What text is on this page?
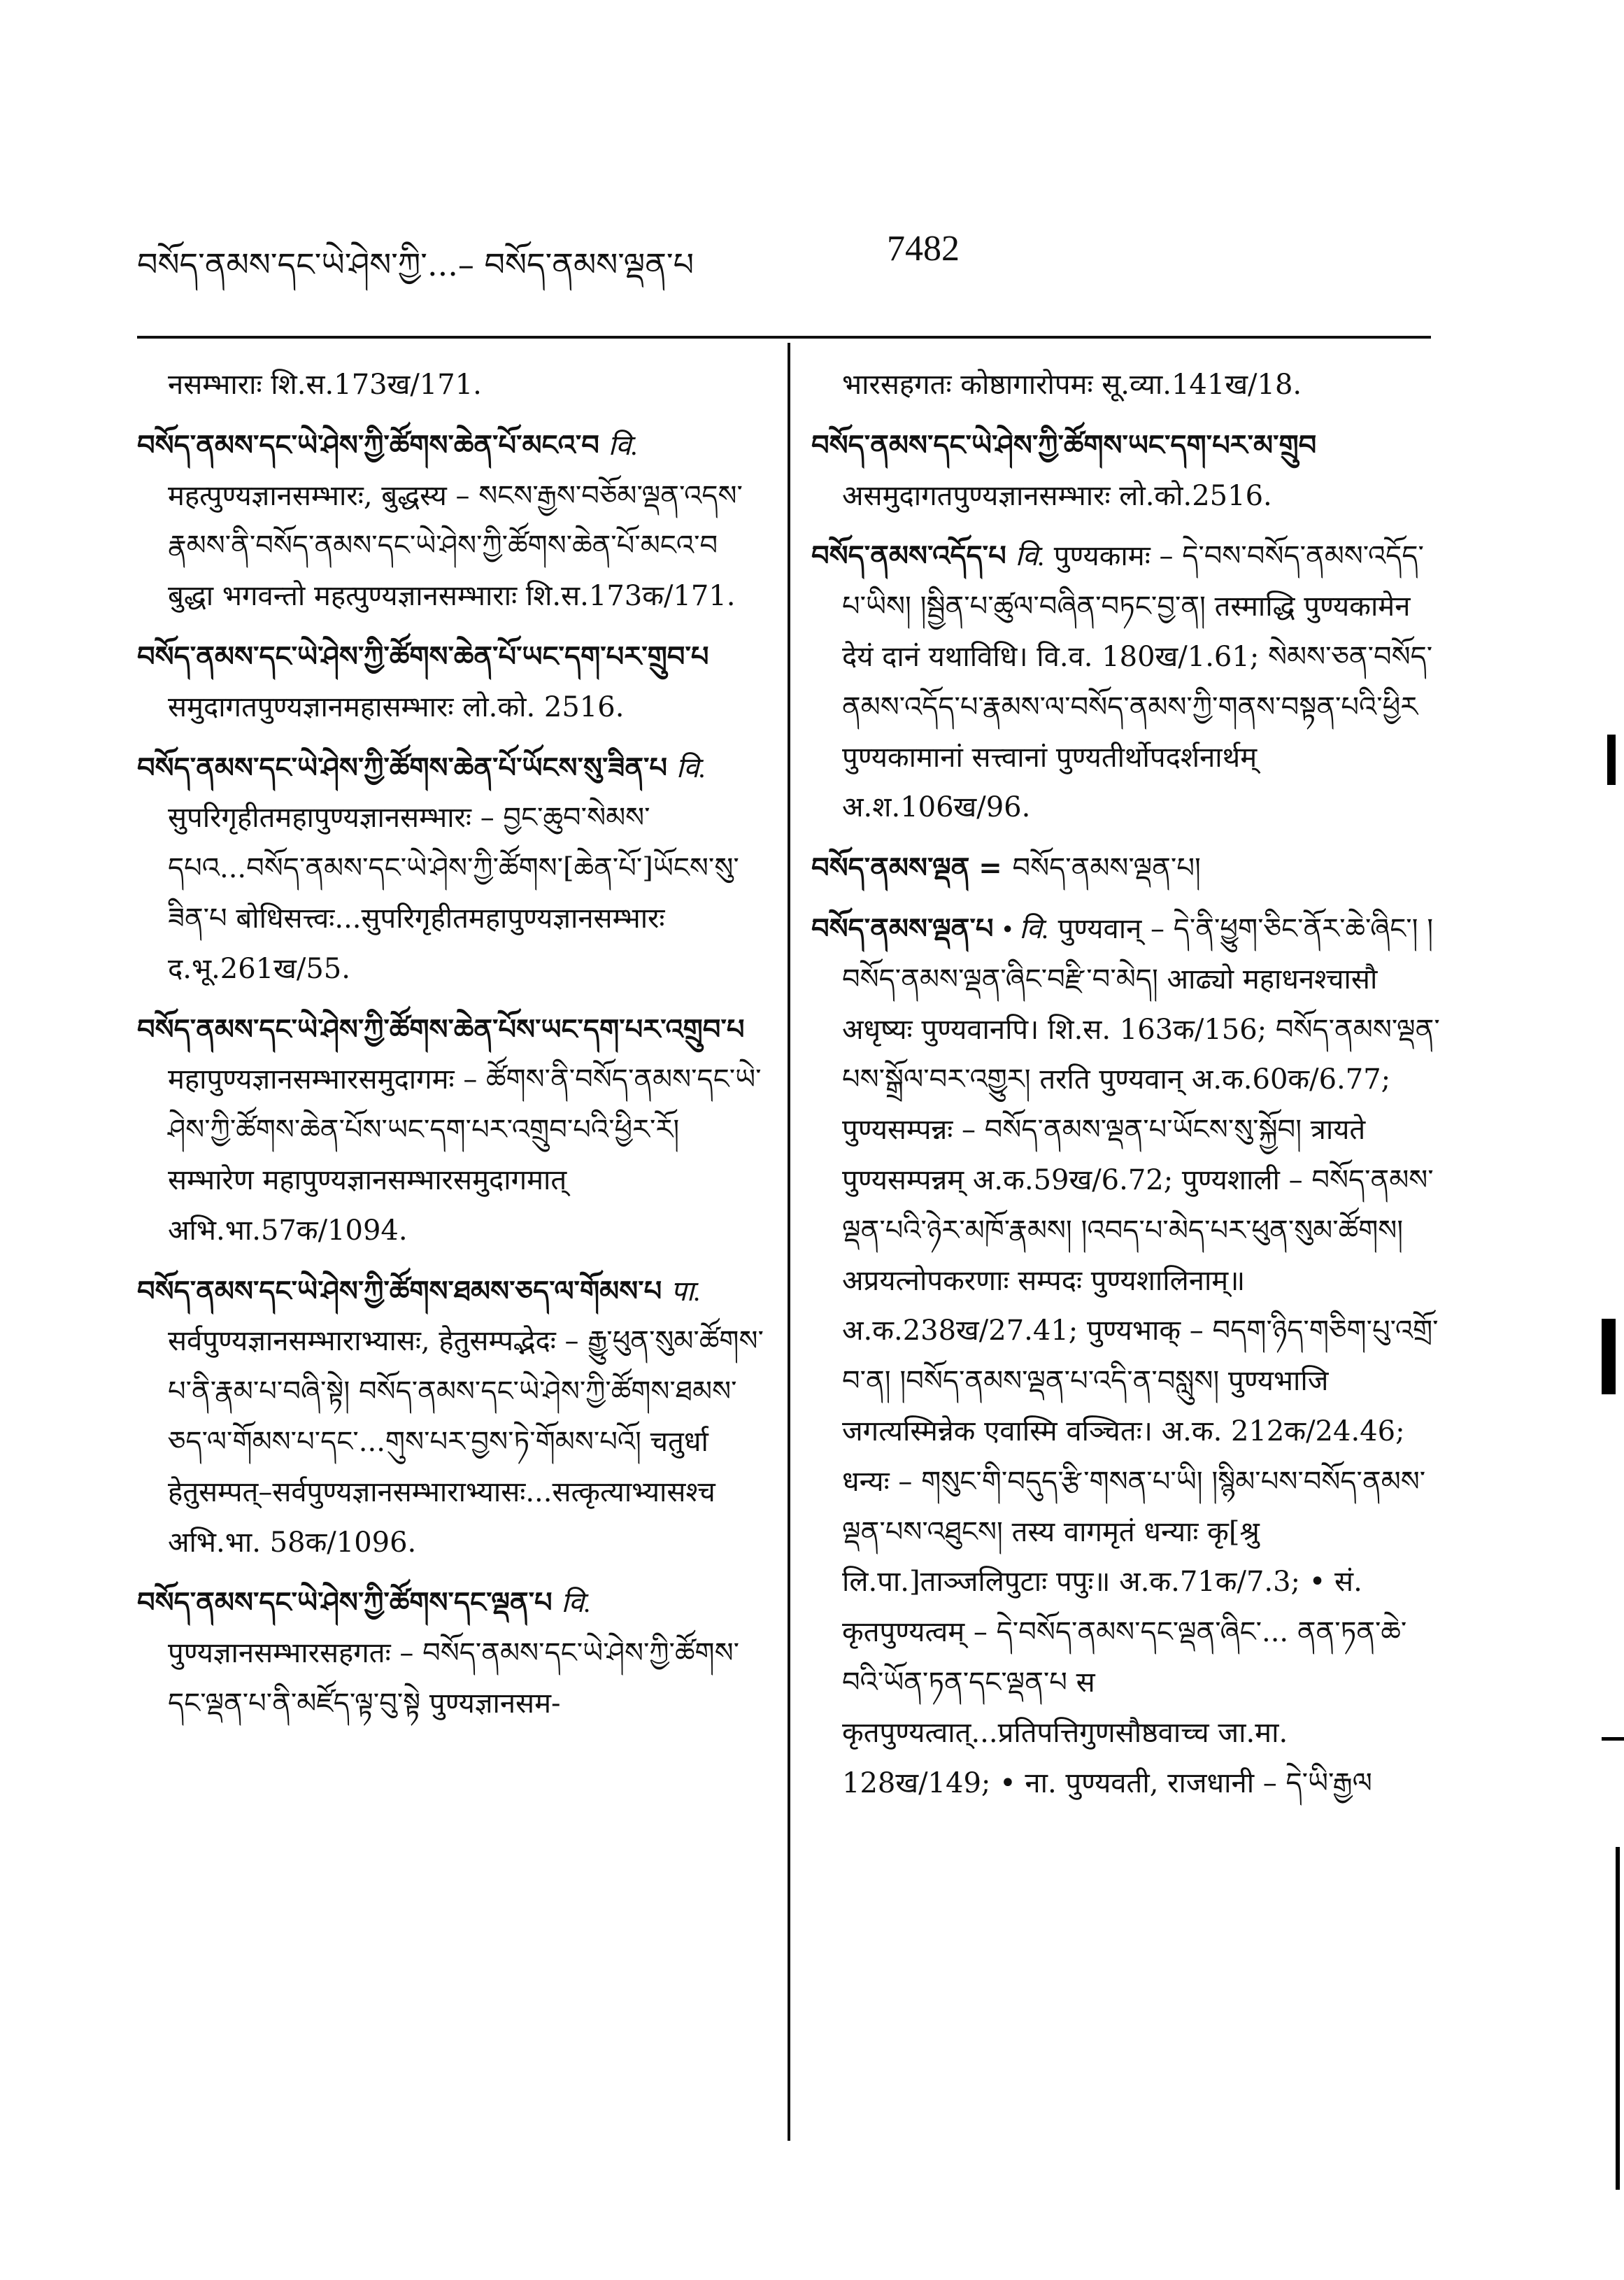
བསོད་ནམས་དང་ཡེ་ཤེས་ཀྱི་...– བསོད་ནམས་ལྡན་པ	7482
नसम्भाराः शि.स.173ख/171.
བསོད་ནམས་དང་ཡེ་ཤེས་ཀྱི་ཚོགས་ཆེན་པོ་མངའ་བ वि. महत्पुण्यज्ञानसम्भारः, बुद्धस्य – སངས་རྒྱས་བཅོམ་ལྡན་འདས་རྣམས་ནི་བསོད་ནམས་དང་ཡེ་ཤེས་ཀྱི་ཚོགས་ཆེན་པོ་མངའ་བ बुद्धा भगवन्तो महत्पुण्यज्ञानसम्भाराः शि.स.173क/171.
བསོད་ནམས་དང་ཡེ་ཤེས་ཀྱི་ཚོགས་ཆེན་པོ་ཡང་དག་པར་གྲུབ་པ समुदागतपुण्यज्ञानमहासम्भारः लो.को. 2516.
བསོད་ནམས་དང་ཡེ་ཤེས་ཀྱི་ཚོགས་ཆེན་པོ་ཡོངས་སུ་ཟིན་པ वि. सुपरिगृहीतमहापुण्यज्ञानसम्भारः – བྱང་ཆུབ་སེམས་དཔའ...བསོད་ནམས་དང་ཡེ་ཤེས་ཀྱི་ཚོགས་[ཆེན་པོ་]ཡོངས་སུ་ཟིན་པ बोधिसत्त्वः...सुपरिगृहीतमहापुण्यज्ञानसम्भारः द.भू.261ख/55.
བསོད་ནམས་དང་ཡེ་ཤེས་ཀྱི་ཚོགས་ཆེན་པོས་ཡང་དག་པར་འགྲུབ་པ महापुण्यज्ञानसम्भारसमुदागमः – ཚོགས་ནི་བསོད་ནམས་དང་ཡེ་ཤེས་ཀྱི་ཚོགས་ཆེན་པོས་ཡང་དག་པར་འགྲུབ་པའི་ཕྱིར་རོ། सम्भारेण महापुण्यज्ञानसम्भारसमुदागमात् अभि.भा.57क/1094.
བསོད་ནམས་དང་ཡེ་ཤེས་ཀྱི་ཚོགས་ཐམས་ཅད་ལ་གོམས་པ पा. सर्वपुण्यज्ञानसम्भाराभ्यासः, हेतुसम्पद्भेदः – རྒྱུ་ཕུན་སུམ་ཚོགས་པ་ནི་རྣམ་པ་བཞི་སྟེ། བསོད་ནམས་དང་ཡེ་ཤེས་ཀྱི་ཚོགས་ཐམས་ཅད་ལ་གོམས་པ་དང་...གུས་པར་བྱས་ཏེ་གོམས་པའོ། चतुर्धा हेतुसम्पत्–सर्वपुण्यज्ञानसम्भाराभ्यासः...सत्कृत्याभ्यासश्च अभि.भा. 58क/1096.
བསོད་ནམས་དང་ཡེ་ཤེས་ཀྱི་ཚོགས་དང་ལྡན་པ वि. पुण्यज्ञानसम्भारसहगतः – བསོད་ནམས་དང་ཡེ་ཤེས་ཀྱི་ཚོགས་དང་ལྡན་པ་ནི་མཛོད་ལྟ་བུ་སྟེ पुण्यज्ञानसम-
भारसहगतः कोष्ठागारोपमः सू.व्या.141ख/18.
བསོད་ནམས་དང་ཡེ་ཤེས་ཀྱི་ཚོགས་ཡང་དག་པར་མ་གྲུབ असमुदागतपुण्यज्ञानसम्भारः लो.को.2516.
བསོད་ནམས་འདོད་པ वि. पुण्यकामः – དེ་བས་བསོད་ནམས་འདོད་པ་ཡིས། །སྦྱིན་པ་ཚུལ་བཞིན་བཏང་བྱ་ན། तस्माद्धि पुण्यकामेन देयं दानं यथाविधि। वि.व. 180ख/1.61; སེམས་ཅན་བསོད་ནམས་འདོད་པ་རྣམས་ལ་བསོད་ནམས་ཀྱི་གནས་བསྟན་པའི་ཕྱིར पुण्यकामानां सत्त्वानां पुण्यतीर्थोपदर्शनार्थम् अ.श.106ख/96.
བསོད་ནམས་ལྡན = བསོད་ནམས་ལྡན་པ།
བསོད་ནམས་ལྡན་པ • वि. पुण्यवान् – དེ་ནི་ཕྱུག་ཅིང་ནོར་ཆེ་ཞིང་། །བསོད་ནམས་ལྡན་ཞིང་བརྫི་བ་མེད། आढ्यो महाधनश्चासौ अधृष्यः पुण्यवानपि। शि.स. 163क/156; བསོད་ནམས་ལྡན་པས་སྒྲོལ་བར་འགྱུར། तरति पुण्यवान् अ.क.60क/6.77; पुण्यसम्पन्नः – བསོད་ནམས་ལྡན་པ་ཡོངས་སུ་སྐྱོབ། त्रायते पुण्यसम्पन्नम् अ.क.59ख/6.72; पुण्यशाली – བསོད་ནམས་ལྡན་པའི་ཉེར་མཁོ་རྣམས། །འབད་པ་མེད་པར་ཕུན་སུམ་ཚོགས། अप्रयत्नोपकरणाः सम्पदः पुण्यशालिनाम्॥ अ.क.238ख/27.41; पुण्यभाक् – བདག་ཉིད་གཅིག་པུ་འགྲོ་བ་ན། །བསོད་ནམས་ལྡན་པ་འདི་ན་བསླུས། पुण्यभाजि जगत्यस्मिन्नेक एवास्मि वञ्चितः। अ.क. 212क/24.46; धन्यः – གསུང་གི་བདུད་རྩི་གསན་པ་ཡི། །སྙིམ་པས་བསོད་ནམས་ལྡན་པས་འཐུངས། तस्य वागमृतं धन्याः कृ[श्रु लि.पा.]ताञ्जलिपुटाः पपुः॥ अ.क.71क/7.3; • सं. कृतपुण्यत्वम् – དེ་བསོད་ནམས་དང་ལྡན་ཞིང་... ནན་ཏན་ཆེ་བའི་ཡོན་ཏན་དང་ལྡན་པ स कृतपुण्यत्वात्...प्रतिपत्तिगुणसौष्ठवाच्च जा.मा. 128ख/149; • ना. पुण्यवती, राजधानी – དེ་ཡི་རྒྱལ
